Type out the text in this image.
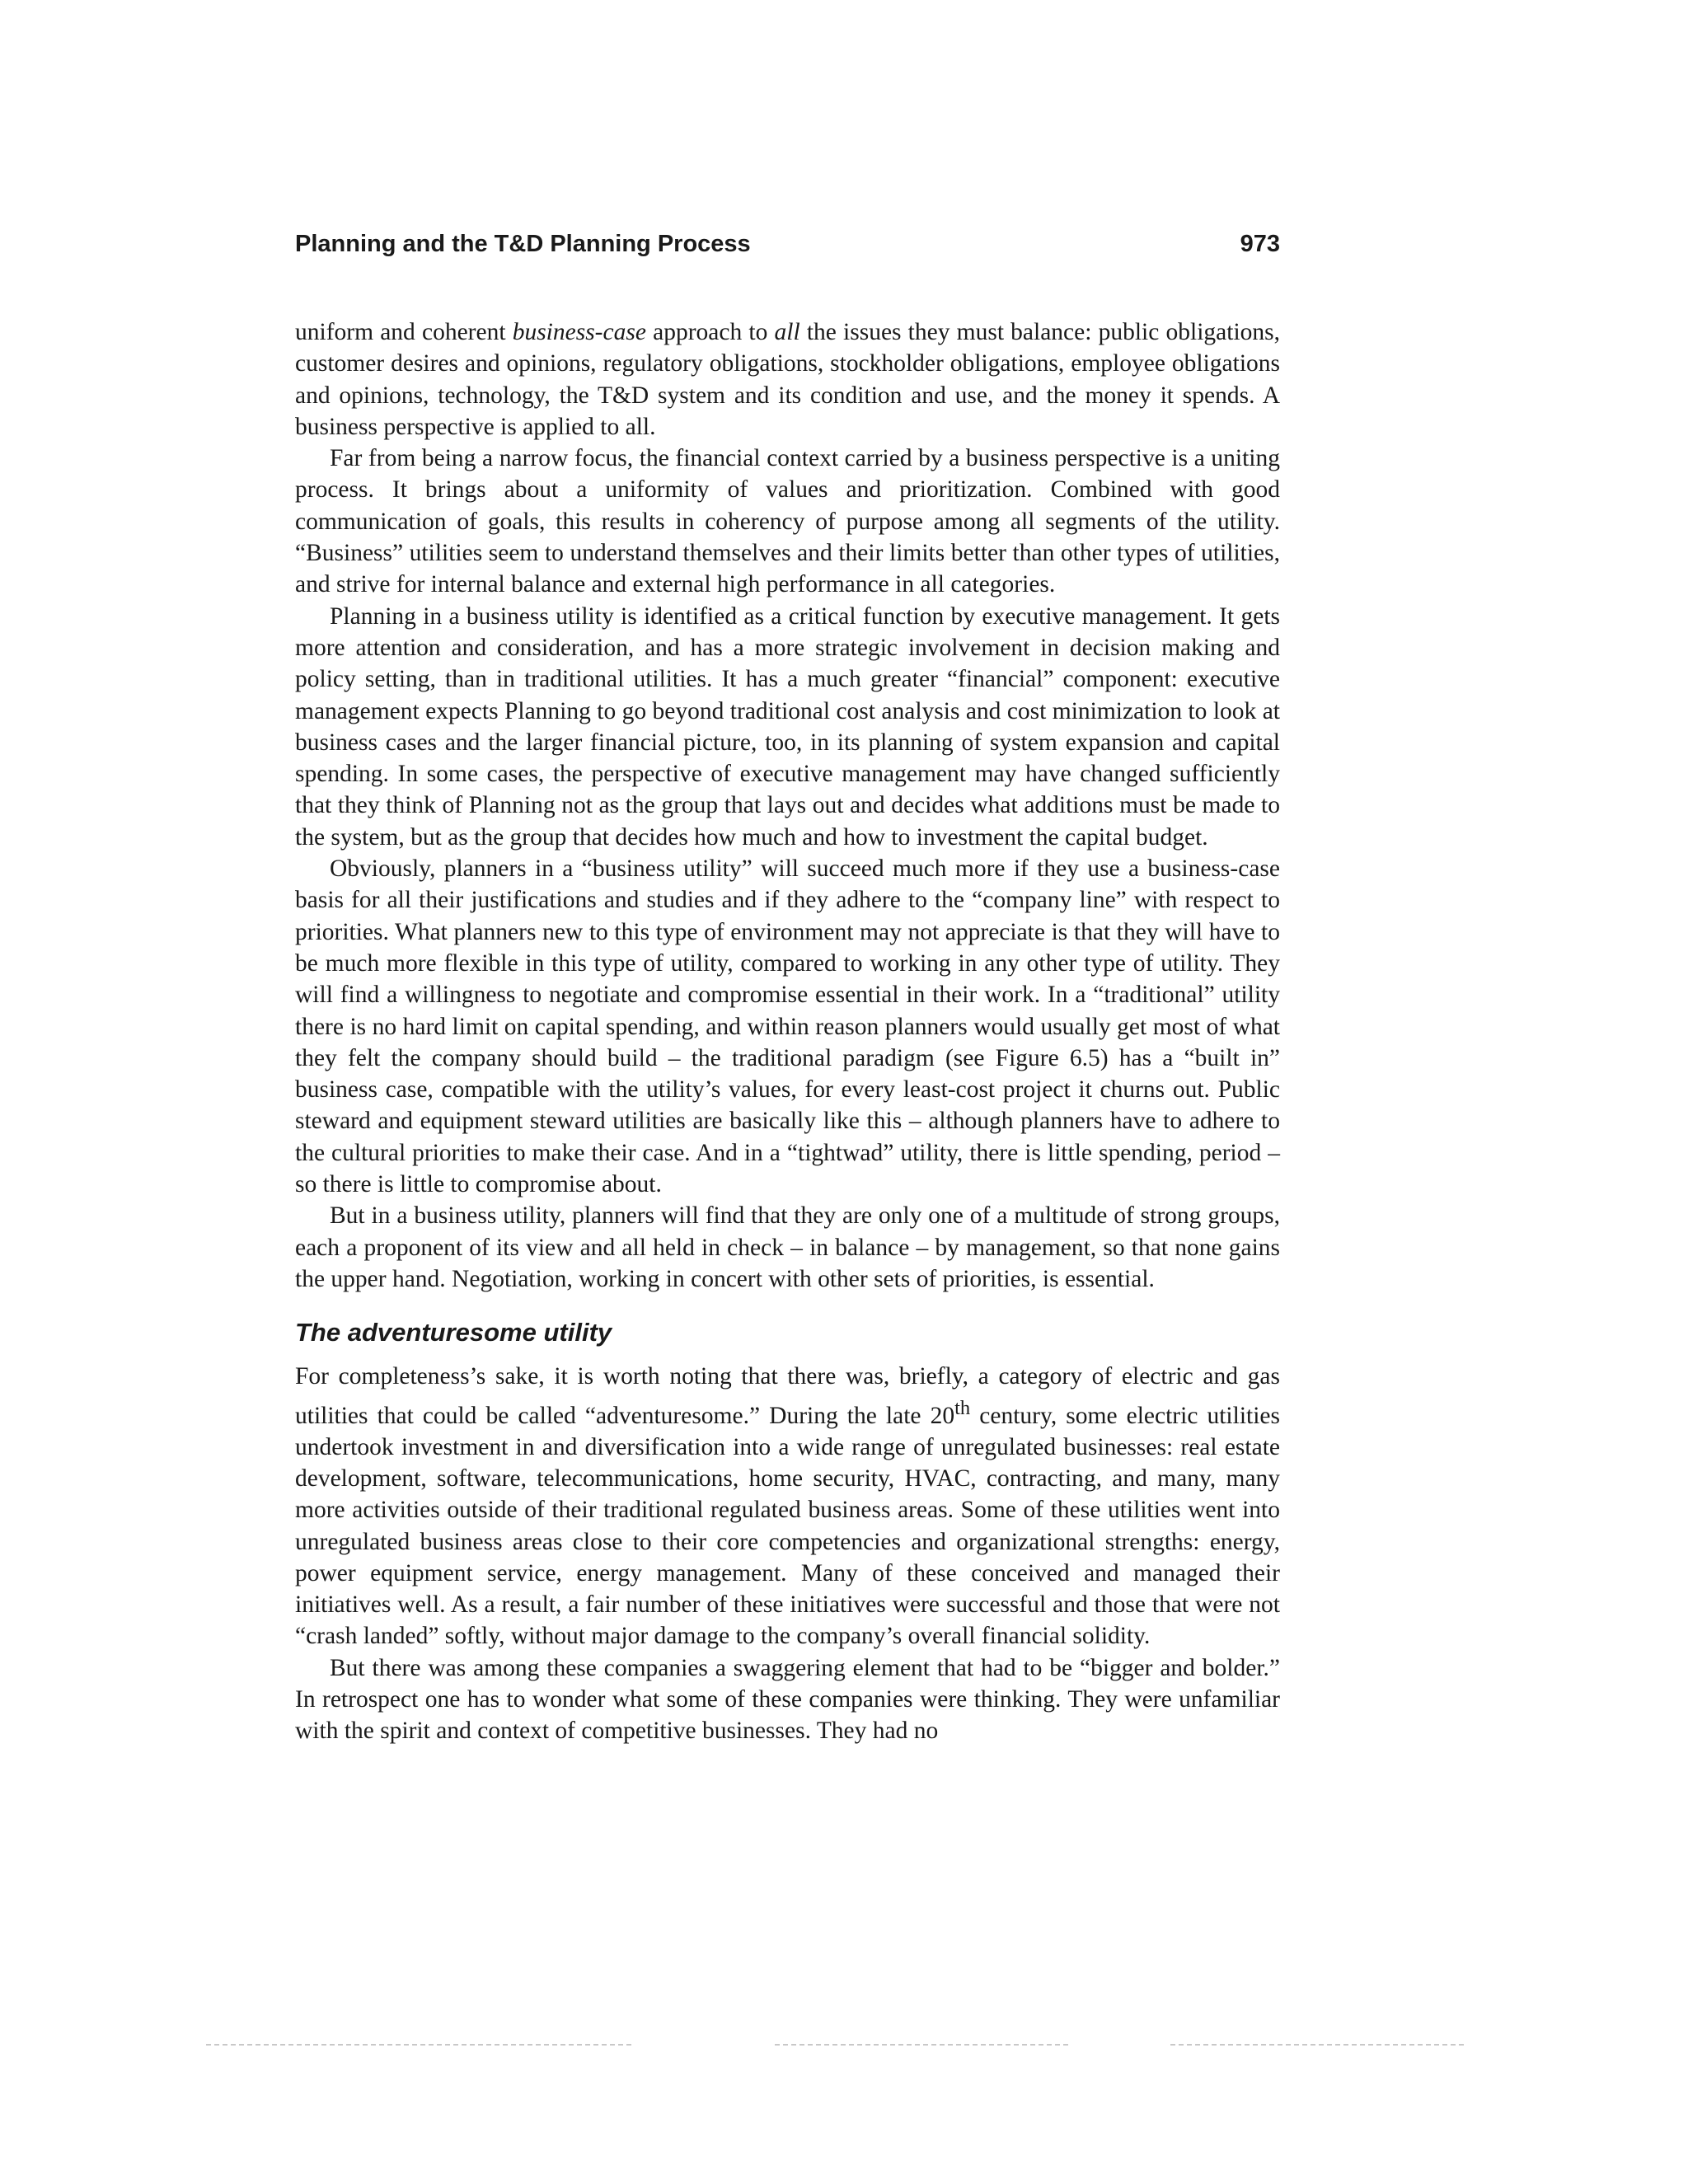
Planning and the T&D Planning Process	973

uniform and coherent business-case approach to all the issues they must balance: public obligations, customer desires and opinions, regulatory obligations, stockholder obligations, employee obligations and opinions, technology, the T&D system and its condition and use, and the money it spends. A business perspective is applied to all.

Far from being a narrow focus, the financial context carried by a business perspective is a uniting process. It brings about a uniformity of values and prioritization. Combined with good communication of goals, this results in coherency of purpose among all segments of the utility. “Business” utilities seem to understand themselves and their limits better than other types of utilities, and strive for internal balance and external high performance in all categories.

Planning in a business utility is identified as a critical function by executive management. It gets more attention and consideration, and has a more strategic involvement in decision making and policy setting, than in traditional utilities. It has a much greater “financial” component: executive management expects Planning to go beyond traditional cost analysis and cost minimization to look at business cases and the larger financial picture, too, in its planning of system expansion and capital spending. In some cases, the perspective of executive management may have changed sufficiently that they think of Planning not as the group that lays out and decides what additions must be made to the system, but as the group that decides how much and how to investment the capital budget.

Obviously, planners in a “business utility” will succeed much more if they use a business-case basis for all their justifications and studies and if they adhere to the “company line” with respect to priorities. What planners new to this type of environment may not appreciate is that they will have to be much more flexible in this type of utility, compared to working in any other type of utility. They will find a willingness to negotiate and compromise essential in their work. In a “traditional” utility there is no hard limit on capital spending, and within reason planners would usually get most of what they felt the company should build – the traditional paradigm (see Figure 6.5) has a “built in” business case, compatible with the utility’s values, for every least-cost project it churns out. Public steward and equipment steward utilities are basically like this – although planners have to adhere to the cultural priorities to make their case. And in a “tightwad” utility, there is little spending, period – so there is little to compromise about.

But in a business utility, planners will find that they are only one of a multitude of strong groups, each a proponent of its view and all held in check – in balance – by management, so that none gains the upper hand. Negotiation, working in concert with other sets of priorities, is essential.

The adventuresome utility

For completeness’s sake, it is worth noting that there was, briefly, a category of electric and gas utilities that could be called “adventuresome.” During the late 20th century, some electric utilities undertook investment in and diversification into a wide range of unregulated businesses: real estate development, software, telecommunications, home security, HVAC, contracting, and many, many more activities outside of their traditional regulated business areas. Some of these utilities went into unregulated business areas close to their core competencies and organizational strengths: energy, power equipment service, energy management. Many of these conceived and managed their initiatives well. As a result, a fair number of these initiatives were successful and those that were not “crash landed” softly, without major damage to the company’s overall financial solidity.

But there was among these companies a swaggering element that had to be “bigger and bolder.” In retrospect one has to wonder what some of these companies were thinking. They were unfamiliar with the spirit and context of competitive businesses. They had no
